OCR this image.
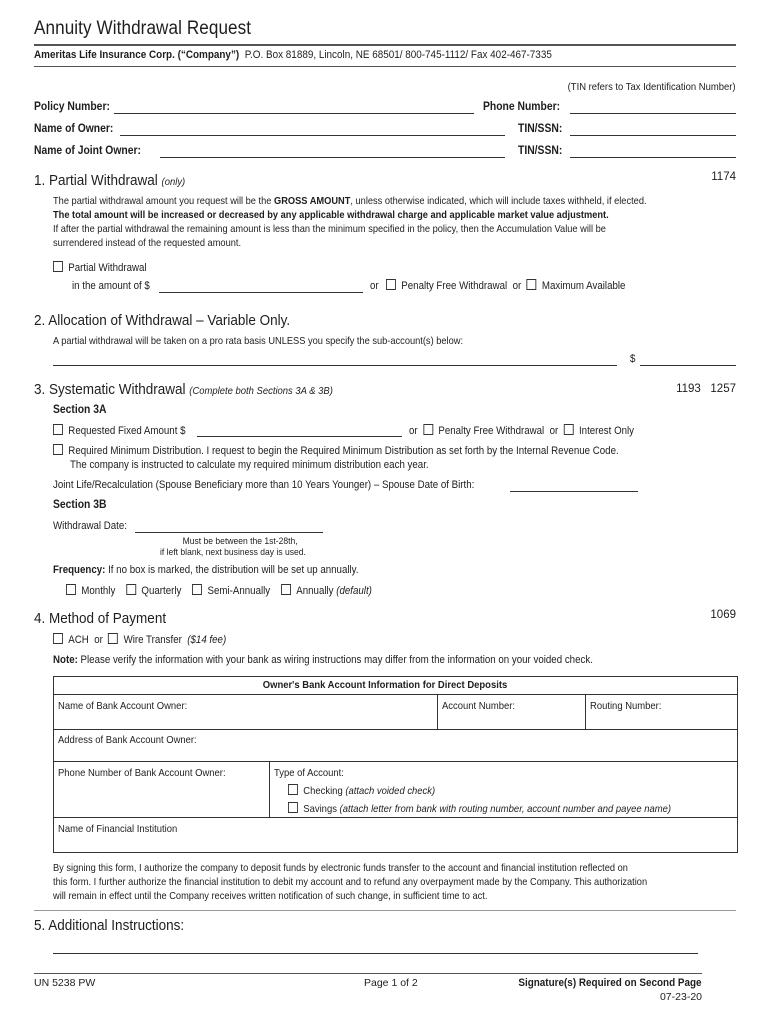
Annuity Withdrawal Request
Ameritas Life Insurance Corp. (“Company”) P.O. Box 81889, Lincoln, NE 68501/ 800-745-1112/ Fax 402-467-7335
(TIN refers to Tax Identification Number)
Policy Number:	Phone Number:
Name of Owner:	TIN/SSN:
Name of Joint Owner:	TIN/SSN:
1. Partial Withdrawal (only)	1174
The partial withdrawal amount you request will be the GROSS AMOUNT, unless otherwise indicated, which will include taxes withheld, if elected.
The total amount will be increased or decreased by any applicable withdrawal charge and applicable market value adjustment.
If after the partial withdrawal the remaining amount is less than the minimum specified in the policy, then the Accumulation Value will be
surrendered instead of the requested amount.
Partial Withdrawal
in the amount of $	or	Penalty Free Withdrawal or Maximum Available
2. Allocation of Withdrawal – Variable Only.
A partial withdrawal will be taken on a pro rata basis UNLESS you specify the sub-account(s) below:
$
3. Systematic Withdrawal (Complete both Sections 3A & 3B)	1193   1257
Section 3A
Requested Fixed Amount $	or Penalty Free Withdrawal or Interest Only
Required Minimum Distribution. I request to begin the Required Minimum Distribution as set forth by the Internal Revenue Code.
The company is instructed to calculate my required minimum distribution each year.
Joint Life/Recalculation (Spouse Beneficiary more than 10 Years Younger) – Spouse Date of Birth:
Section 3B
Withdrawal Date:
Must be between the 1st-28th,
if left blank, next business day is used.
Frequency: If no box is marked, the distribution will be set up annually.
Monthly Quarterly Semi-Annually Annually (default)
4. Method of Payment	1069
ACH or Wire Transfer ($14 fee)
Note: Please verify the information with your bank as wiring instructions may differ from the information on your voided check.
Owner's Bank Account Information for Direct Deposits
Name of Bank Account Owner:	Account Number:	Routing Number:
Address of Bank Account Owner:
Phone Number of Bank Account Owner:	Type of Account:
Checking (attach voided check)
Savings (attach letter from bank with routing number, account number and payee name)
Name of Financial Institution
By signing this form, I authorize the company to deposit funds by electronic funds transfer to the account and financial institution reflected on
this form. I further authorize the financial institution to debit my account and to refund any overpayment made by the Company. This authorization
will remain in effect until the Company receives written notification of such change, in sufficient time to act.
5. Additional Instructions:
UN 5238 PW	Page 1 of 2	Signature(s) Required on Second Page
07-23-20
